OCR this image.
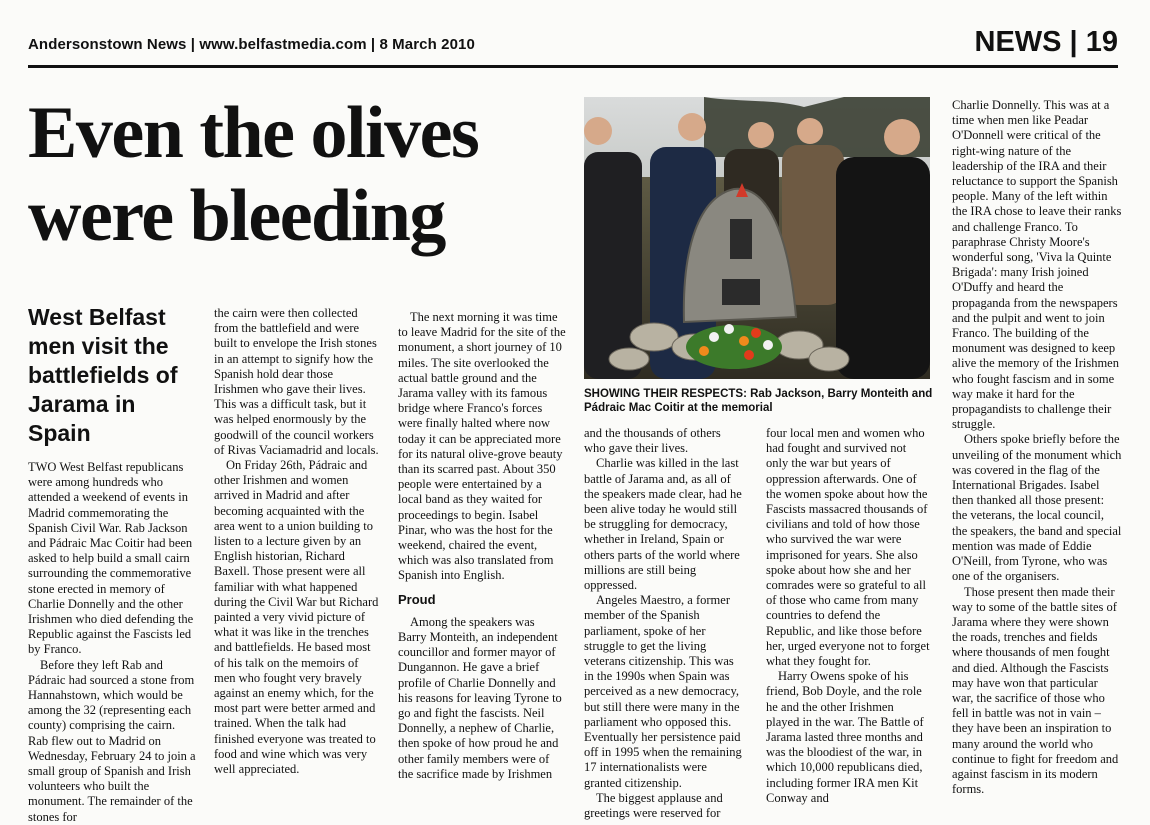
Andersonstown News | www.belfastmedia.com | 8 March 2010	NEWS | 19
Even the olives
were bleeding
West Belfast men visit the battlefields of Jarama in Spain
SHOWING THEIR RESPECTS: Rab Jackson, Barry Monteith and Pádraic Mac Coitir at the memorial

TWO West Belfast republicans were among hundreds who attended a weekend of events in Madrid commemorating the Spanish Civil War. Rab Jackson and Pádraic Mac Coitir had been asked to help build a small cairn surrounding the commemorative stone erected in memory of Charlie Donnelly and the other Irishmen who died defending the Republic against the Fascists led by Franco.

Before they left Rab and Pádraic had sourced a stone from Hannahstown, which would be among the 32 (representing each county) comprising the cairn. Rab flew out to Madrid on Wednesday, February 24 to join a small group of Spanish and Irish volunteers who built the monument. The remainder of the stones for

the cairn were then collected from the battlefield and were built to envelope the Irish stones in an attempt to signify how the Spanish hold dear those Irishmen who gave their lives. This was a difficult task, but it was helped enormously by the goodwill of the council workers of Rivas Vaciamadrid and locals.

On Friday 26th, Pádraic and other Irishmen and women arrived in Madrid and after becoming acquainted with the area went to a union building to listen to a lecture given by an English historian, Richard Baxell. Those present were all familiar with what happened during the Civil War but Richard painted a very vivid picture of what it was like in the trenches and battlefields. He based most of his talk on the memoirs of men who fought very bravely against an enemy which, for the most part were better armed and trained. When the talk had finished everyone was treated to food and wine which was very well appreciated.

The next morning it was time to leave Madrid for the site of the monument, a short journey of 10 miles. The site overlooked the actual battle ground and the Jarama valley with its famous bridge where Franco's forces were finally halted where now today it can be appreciated more for its natural olive-grove beauty than its scarred past. About 350 people were entertained by a local band as they waited for proceedings to begin. Isabel Pinar, who was the host for the weekend, chaired the event, which was also translated from Spanish into English.

Proud

Among the speakers was Barry Monteith, an independent councillor and former mayor of Dungannon. He gave a brief profile of Charlie Donnelly and his reasons for leaving Tyrone to go and fight the fascists. Neil Donnelly, a nephew of Charlie, then spoke of how proud he and other family members were of the sacrifice made by Irishmen

and the thousands of others who gave their lives.

Charlie was killed in the last battle of Jarama and, as all of the speakers made clear, had he been alive today he would still be struggling for democracy, whether in Ireland, Spain or others parts of the world where millions are still being oppressed.

Angeles Maestro, a former member of the Spanish parliament, spoke of her struggle to get the living veterans citizenship. This was in the 1990s when Spain was perceived as a new democracy, but still there were many in the parliament who opposed this. Eventually her persistence paid off in 1995 when the remaining 17 internationalists were granted citizenship.

The biggest applause and greetings were reserved for

four local men and women who had fought and survived not only the war but years of oppression afterwards. One of the women spoke about how the Fascists massacred thousands of civilians and told of how those who survived the war were imprisoned for years. She also spoke about how she and her comrades were so grateful to all of those who came from many countries to defend the Republic, and like those before her, urged everyone not to forget what they fought for.

Harry Owens spoke of his friend, Bob Doyle, and the role he and the other Irishmen played in the war. The Battle of Jarama lasted three months and was the bloodiest of the war, in which 10,000 republicans died, including former IRA men Kit Conway and

Charlie Donnelly. This was at a time when men like Peadar O'Donnell were critical of the right-wing nature of the leadership of the IRA and their reluctance to support the Spanish people. Many of the left within the IRA chose to leave their ranks and challenge Franco. To paraphrase Christy Moore's wonderful song, 'Viva la Quinte Brigada': many Irish joined O'Duffy and heard the propaganda from the newspapers and the pulpit and went to join Franco. The building of the monument was designed to keep alive the memory of the Irishmen who fought fascism and in some way make it hard for the propagandists to challenge their struggle.

Others spoke briefly before the unveiling of the monument which was covered in the flag of the International Brigades. Isabel then thanked all those present: the veterans, the local council, the speakers, the band and special mention was made of Eddie O'Neill, from Tyrone, who was one of the organisers.

Those present then made their way to some of the battle sites of Jarama where they were shown the roads, trenches and fields where thousands of men fought and died. Although the Fascists may have won that particular war, the sacrifice of those who fell in battle was not in vain – they have been an inspiration to many around the world who continue to fight for freedom and against fascism in its modern forms.
